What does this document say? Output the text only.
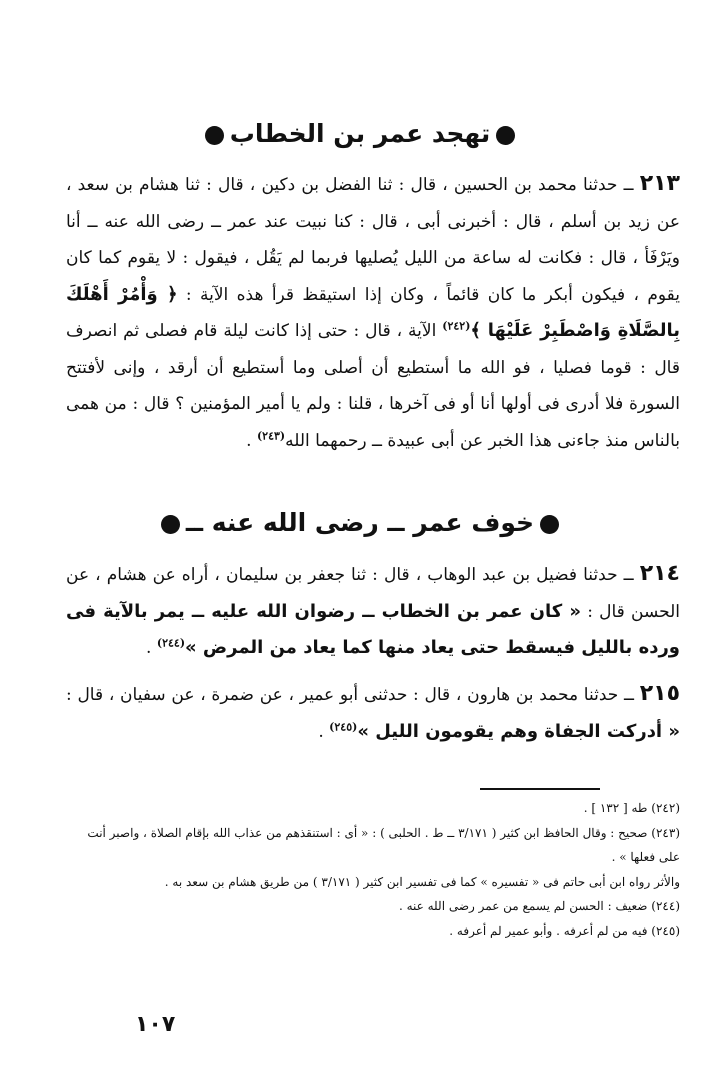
تهجد عمر بن الخطاب

٢١٣ ــ حدثنا محمد بن الحسين ، قال : ثنا الفضل بن دكين ، قال : ثنا هشام بن سعد ، عن زيد بن أسلم ، قال : أخبرنى أبى ، قال : كنا نبيت عند عمر ــ رضى الله عنه ــ أنا ويَرْفَأ ، قال : فكانت له ساعة من الليل يُصليها فربما لم يَقُل ، فيقول : لا يقوم كما كان يقوم ، فيكون أبكر ما كان قائماً ، وكان إذا استيقظ قرأ هذه الآية : ﴿ وَأْمُرْ أَهْلَكَ بِالصَّلَاةِ وَاصْطَبِرْ عَلَيْهَا ﴾$^{(٢٤٢)}$ الآية ، قال : حتى إذا كانت ليلة قام فصلى ثم انصرف قال : قوما فصليا ، فو الله ما أستطيع أن أصلى وما أستطيع أن أرقد ، وإنى لأفتتح السورة فلا أدرى فى أولها أنا أو فى آخرها ، قلنا : ولم يا أمير المؤمنين ؟ قال : من همى بالناس منذ جاءنى هذا الخبر عن أبى عبيدة ــ رحمهما الله$^{(٢٤٣)}$ .

خوف عمر ــ رضى الله عنه ــ

٢١٤ ــ حدثنا فضيل بن عبد الوهاب ، قال : ثنا جعفر بن سليمان ، أراه عن هشام ، عن الحسن قال : « كان عمر بن الخطاب ــ رضوان الله عليه ــ يمر بالآية فى ورده بالليل فيسقط حتى يعاد منها كما يعاد من المرض »$^{(٢٤٤)}$ .

٢١٥ ــ حدثنا محمد بن هارون ، قال : حدثنى أبو عمير ، عن ضمرة ، عن سفيان ، قال : « أدركت الجفاة وهم يقومون الليل »$^{(٢٤٥)}$ .

(٢٤٢) طه [ ١٣٢ ] .

(٢٤٣) صحيح : وقال الحافظ ابن كثير ( ٣/١٧١ ــ ط . الحلبى ) : « أى : استنقذهم من عذاب الله بإقام الصلاة ، واصبر أنت على فعلها » .

والأثر رواه ابن أبى حاتم فى « تفسيره » كما فى تفسير ابن كثير ( ٣/١٧١ ) من طريق هشام بن سعد به .

(٢٤٤) ضعيف : الحسن لم يسمع من عمر رضى الله عنه .

(٢٤٥) فيه من لم أعرفه . وأبو عمير لم أعرفه .

١٠٧
